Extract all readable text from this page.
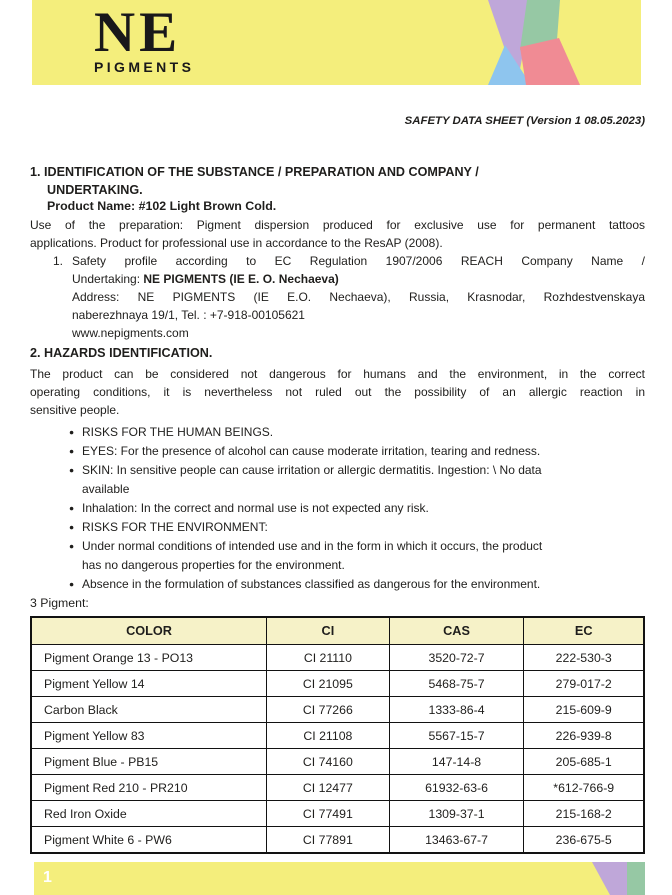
NE
PIGMENTS
SAFETY DATA SHEET (Version 1 08.05.2023)
1. IDENTIFICATION OF THE SUBSTANCE / PREPARATION AND COMPANY /
UNDERTAKING.
Product Name: #102 Light Brown Cold.
Use of the preparation: Pigment dispersion produced for exclusive use for permanent tattoos
applications. Product for professional use in accordance to the ResAP (2008).
1. Safety profile according to EC Regulation 1907/2006 REACH Company Name /
Undertaking: NE PIGMENTS (IE E. O. Nechaeva)
Address: NE PIGMENTS (IE E.O. Nechaeva), Russia, Krasnodar, Rozhdestvenskaya
naberezhnaya 19/1, Tel. : +7-918-00105621
www.nepigments.com
2. HAZARDS IDENTIFICATION.
The product can be considered not dangerous for humans and the environment, in the correct
operating conditions, it is nevertheless not ruled out the possibility of an allergic reaction in
sensitive people.
● RISKS FOR THE HUMAN BEINGS.
● EYES: For the presence of alcohol can cause moderate irritation, tearing and redness.
● SKIN: In sensitive people can cause irritation or allergic dermatitis. Ingestion: \ No data
available
● Inhalation: In the correct and normal use is not expected any risk.
● RISKS FOR THE ENVIRONMENT:
● Under normal conditions of intended use and in the form in which it occurs, the product
has no dangerous properties for the environment.
● Absence in the formulation of substances classified as dangerous for the environment.
3 Pigment:
COLOR	CI	CAS	EC
Pigment Orange 13 - PO13	CI 21110	3520-72-7	222-530-3
Pigment Yellow 14	CI 21095	5468-75-7	279-017-2
Carbon Black	CI 77266	1333-86-4	215-609-9
Pigment Yellow 83	CI 21108	5567-15-7	226-939-8
Pigment Blue - PB15	CI 74160	147-14-8	205-685-1
Pigment Red 210 - PR210	CI 12477	61932-63-6	*612-766-9
Red Iron Oxide	CI 77491	1309-37-1	215-168-2
Pigment White 6 - PW6	CI 77891	13463-67-7	236-675-5
1
